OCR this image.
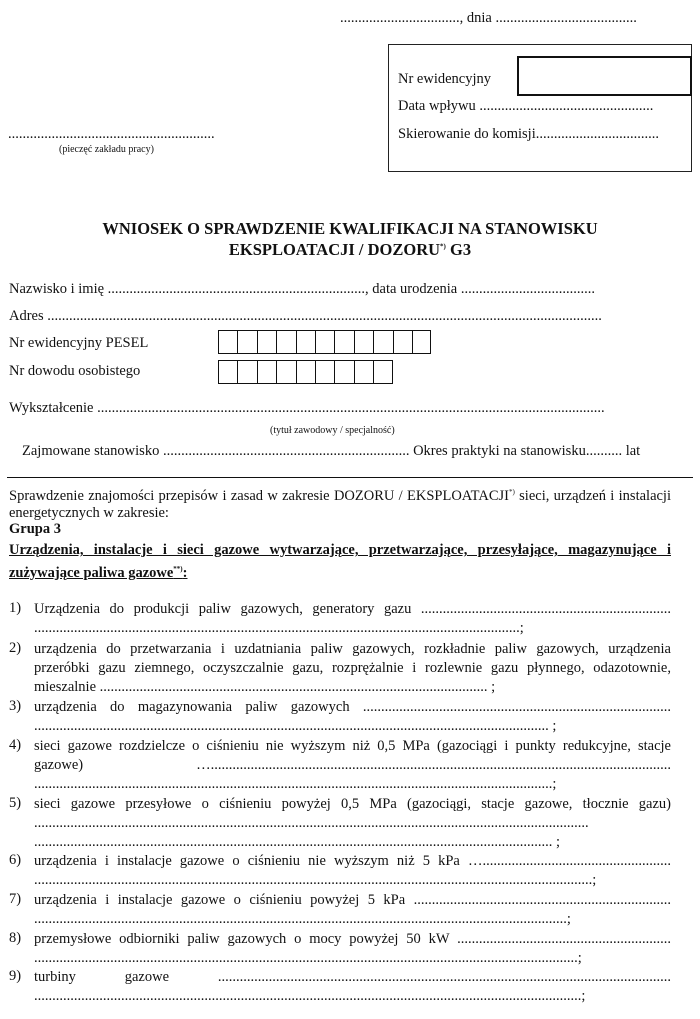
................................., dnia .......................................
.........................................................
(pieczęć zakładu pracy)
Nr ewidencyjny
Data wpływu ................................................
Skierowanie do komisji..................................
WNIOSEK O SPRAWDZENIE KWALIFIKACJI NA STANOWISKU
EKSPLOATACJI / DOZORU*) G3
Nazwisko i imię ......................................................................., data urodzenia .....................................
Adres .........................................................................................................................................................
Nr ewidencyjny PESEL
Nr dowodu osobistego
Wykształcenie ............................................................................................................................................
(tytuł zawodowy / specjalność)
Zajmowane stanowisko .................................................................... Okres praktyki na stanowisku.......... lat
Sprawdzenie znajomości przepisów i zasad w zakresie DOZORU / EKSPLOATACJI*) sieci, urządzeń i instalacji energetycznych w zakresie:
Grupa 3
Urządzenia, instalacje i sieci gazowe wytwarzające, przetwarzające, przesyłające, magazynujące i zużywające paliwa gazowe**):
1) Urządzenia do produkcji paliw gazowych, generatory gazu ..................................................................... ......................................................................................................................................;
2) urządzenia do przetwarzania i uzdatniania paliw gazowych, rozkładnie paliw gazowych, urządzenia przeróbki gazu ziemnego, oczyszczalnie gazu, rozprężalnie i rozlewnie gazu płynnego, odazotownie, mieszalnie ........................................................................................................... ;
3) urządzenia do magazynowania paliw gazowych ..................................................................................... .............................................................................................................................................. ;
4) sieci gazowe rozdzielcze o ciśnieniu nie wyższym niż 0,5 MPa (gazociągi i punkty redukcyjne, stacje gazowe) …............................................................................................................................... ...............................................................................................................................................;
5) sieci gazowe przesyłowe o ciśnieniu powyżej 0,5 MPa (gazociągi, stacje gazowe, tłocznie gazu) ......................................................................................................................................................... ............................................................................................................................................... ;
6) urządzenia i instalacje gazowe o ciśnieniu nie wyższym niż 5 kPa ….................................................... ..........................................................................................................................................................;
7) urządzenia i instalacje gazowe o ciśnieniu powyżej 5 kPa ....................................................................... ...................................................................................................................................................;
8) przemysłowe odbiorniki paliw gazowych o mocy powyżej 50 kW ........................................................... ......................................................................................................................................................;
9) turbiny gazowe ............................................................................................................................. .......................................................................................................................................................;
